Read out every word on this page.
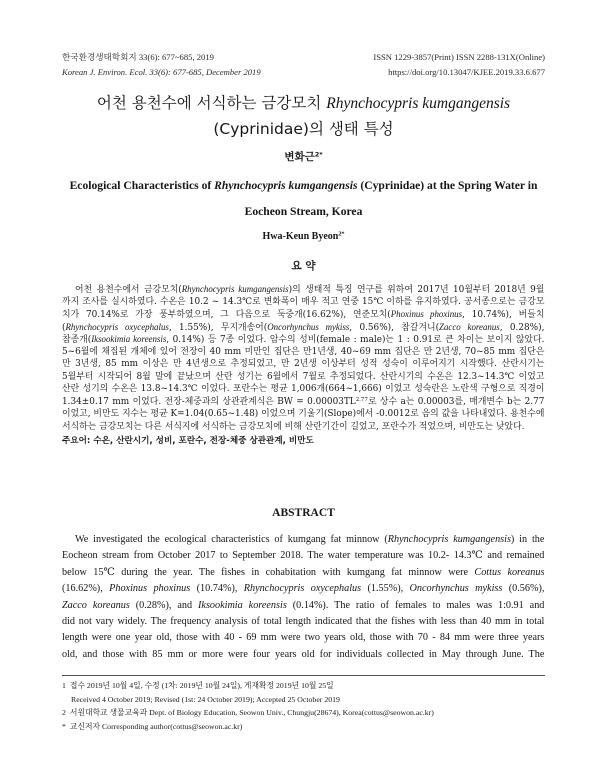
한국환경생태학회지 33(6): 677~685, 2019
Korean J. Environ. Ecol. 33(6): 677-685, December 2019
ISSN 1229-3857(Print) ISSN 2288-131X(Online)
https://doi.org/10.13047/KJEE.2019.33.6.677
어천 용천수에 서식하는 금강모치 Rhynchocypris kumgangensis
(Cyprinidae)의 생태 특성
변화근$^{2*}$
Ecological Characteristics of Rhynchocypris kumgangensis (Cyprinidae) at the Spring Water in
Eocheon Stream, Korea
Hwa-Keun Byeon$^{2*}$
요 약
어천 용천수에서 금강모치(Rhynchocypris kumgangensis)의 생태적 특징 연구를 위하여 2017년 10월부터 2018년 9월
까지 조사를 실시하였다. 수온은 10.2 ~ 14.3℃로 변화폭이 매우 적고 연중 15℃ 이하를 유지하였다. 공서종으로는 금강모
치가 70.14%로 가장 풍부하였으며, 그 다음으로 둑중개(16.62%), 연준모치(Phoxinus phoxinus, 10.74%), 버들치
(Rhynchocypris oxycephalus, 1.55%), 무지개송어(Oncorhynchus mykiss, 0.56%), 참갈겨니(Zacco koreanus, 0.28%),
참종개(Iksookimia koreensis, 0.14%) 등 7종 이었다. 암수의 성비(female : male)는 1 : 0.91로 큰 차이는 보이지 않았다.
5~6월에 채집된 개체에 있어 전장이 40 mm 미만인 집단은 만1년생, 40~69 mm 집단은 만 2년생, 70~85 mm 집단은
만 3년생, 85 mm 이상은 만 4년생으로 추정되었고, 만 2년생 이상부터 성적 성숙이 이루어지기 시작했다. 산란시기는
5월부터 시작되어 8월 말에 끝났으며 산란 성기는 6월에서 7월로 추정되었다. 산란시기의 수온은 12.3~14.3℃ 이었고
산란 성기의 수온은 13.8~14.3℃ 이었다. 포란수는 평균 1,006개(664~1,666) 이었고 성숙란은 노란색 구형으로 직경이
1.34±0.17 mm 이었다. 전장-체중과의 상관관계식은 BW = $0.00003TL^{2.77}$로 상수 a는 0.00003를, 매개변수 b는 2.77
이었고, 비만도 지수는 평균 K=1.04(0.65~1.48) 이었으며 기울기(Slope)에서 -0.0012로 음의 값을 나타내었다. 용천수에
서식하는 금강모치는 다른 서식지에 서식하는 금강모치에 비해 산란기간이 길었고, 포란수가 적었으며, 비만도는 낮았다.
주요어: 수온, 산란시기, 성비, 포란수, 전장-체중 상관관계, 비만도
ABSTRACT
We investigated the ecological characteristics of kumgang fat minnow (Rhynchocypris kumgangensis) in the
Eocheon stream from October 2017 to September 2018. The water temperature was 10.2- 14.3℃ and remained
below 15℃ during the year. The fishes in cohabitation with kumgang fat minnow were Cottus koreanus
(16.62%), Phoxinus phoxinus (10.74%), Rhynchocypris oxycephalus (1.55%), Oncorhynchus mykiss (0.56%),
Zacco koreanus (0.28%), and Iksookimia koreensis (0.14%). The ratio of females to males was 1:0.91 and
did not vary widely. The frequency analysis of total length indicated that the fishes with less than 40 mm in total
length were one year old, those with 40 - 69 mm were two years old, those with 70 - 84 mm were three years
old, and those with 85 mm or more were four years old for individuals collected in May through June. The
1 접수 2019년 10월 4일, 수정 (1차: 2019년 10월 24일), 게재확정 2019년 10월 25일
Received 4 October 2019; Revised (1st: 24 October 2019); Accepted 25 October 2019
2 서원대학교 생물교육과 Dept. of Biology Education, Seowon Univ., Chungju(28674), Korea(cottus@seowon.ac.kr)
* 교신저자 Corresponding author(cottus@seowon.ac.kr)
